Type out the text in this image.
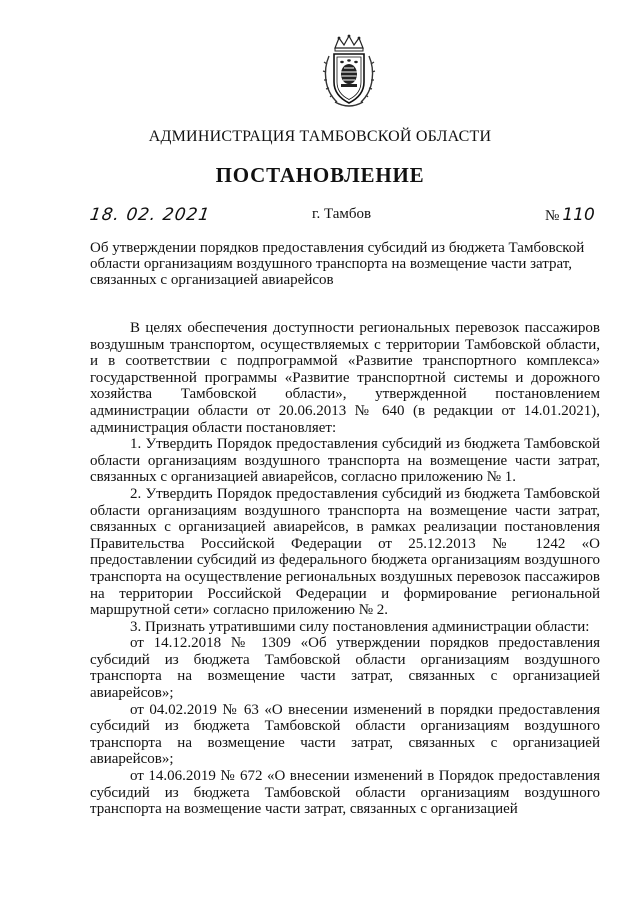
АДМИНИСТРАЦИЯ ТАМБОВСКОЙ ОБЛАСТИ
ПОСТАНОВЛЕНИЕ
18. 02. 2021	г. Тамбов	№ 110
Об утверждении порядков предоставления субсидий из бюджета Тамбовской области организациям воздушного транспорта на возмещение части затрат, связанных с организацией авиарейсов

В целях обеспечения доступности региональных перевозок пассажиров воздушным транспортом, осуществляемых с территории Тамбовской области, и в соответствии с подпрограммой «Развитие транспортного комплекса» государственной программы «Развитие транспортной системы и дорожного хозяйства Тамбовской области», утвержденной постановлением администрации области от 20.06.2013 № 640 (в редакции от 14.01.2021), администрация области постановляет:

1. Утвердить Порядок предоставления субсидий из бюджета Тамбовской области организациям воздушного транспорта на возмещение части затрат, связанных с организацией авиарейсов, согласно приложению № 1.

2. Утвердить Порядок предоставления субсидий из бюджета Тамбовской области организациям воздушного транспорта на возмещение части затрат, связанных с организацией авиарейсов, в рамках реализации постановления Правительства Российской Федерации от 25.12.2013 № 1242 «О предоставлении субсидий из федерального бюджета организациям воздушного транспорта на осуществление региональных воздушных перевозок пассажиров на территории Российской Федерации и формирование региональной маршрутной сети» согласно приложению № 2.

3. Признать утратившими силу постановления администрации области:

от 14.12.2018 № 1309 «Об утверждении порядков предоставления субсидий из бюджета Тамбовской области организациям воздушного транспорта на возмещение части затрат, связанных с организацией авиарейсов»;

от 04.02.2019 № 63 «О внесении изменений в порядки предоставления субсидий из бюджета Тамбовской области организациям воздушного транспорта на возмещение части затрат, связанных с организацией авиарейсов»;

от 14.06.2019 № 672 «О внесении изменений в Порядок предоставления субсидий из бюджета Тамбовской области организациям воздушного транспорта на возмещение части затрат, связанных с организацией
